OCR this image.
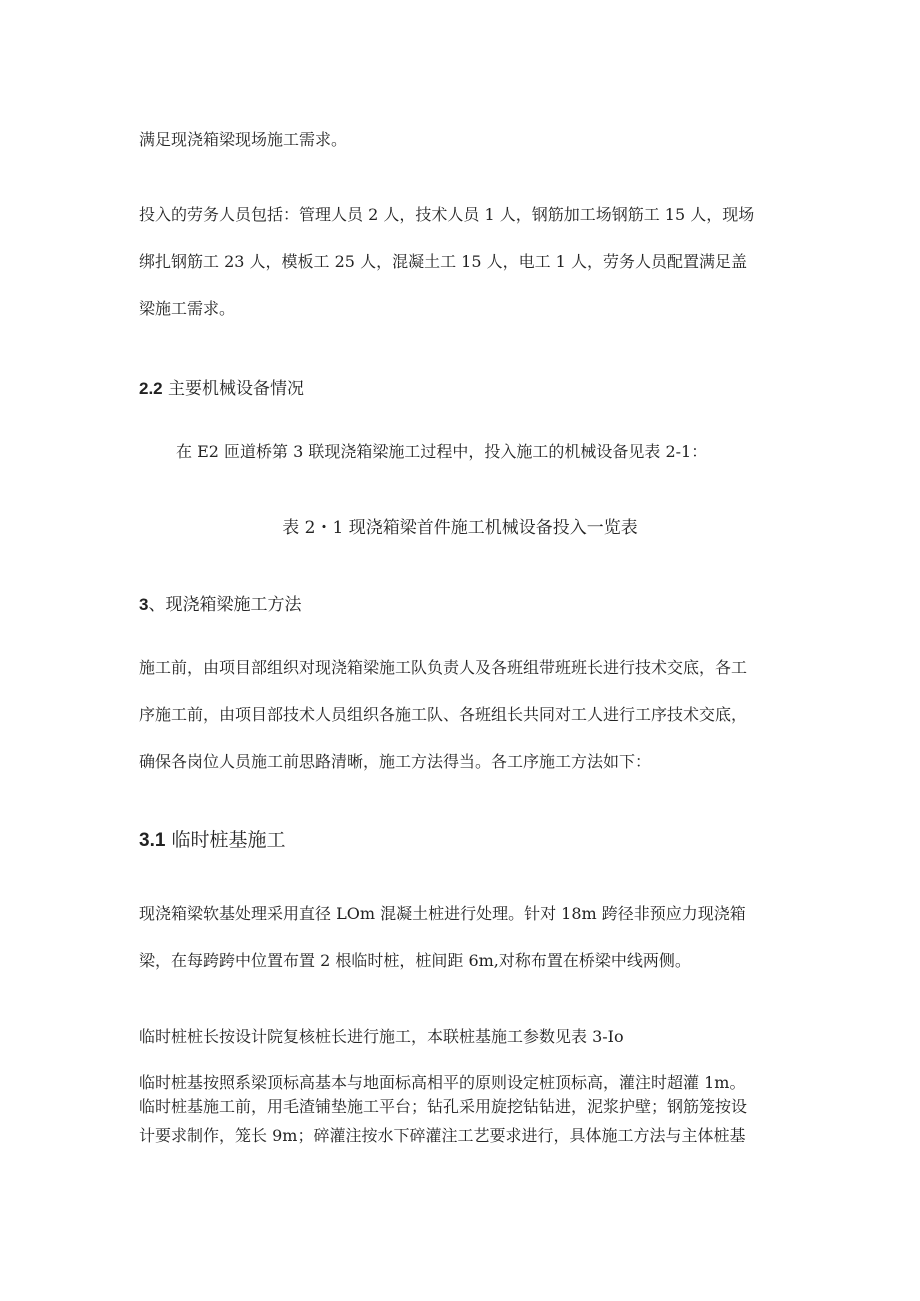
满足现浇箱梁现场施工需求。
投入的劳务人员包括：管理人员 2 人，技术人员 1 人，钢筋加工场钢筋工 15 人，现场
绑扎钢筋工 23 人，模板工 25 人，混凝土工 15 人，电工 1 人，劳务人员配置满足盖
梁施工需求。
2.2 主要机械设备情况
在 E2 匝道桥第 3 联现浇箱梁施工过程中，投入施工的机械设备见表 2-1：
表 2・1 现浇箱梁首件施工机械设备投入一览表
3、现浇箱梁施工方法
施工前，由项目部组织对现浇箱梁施工队负责人及各班组带班班长进行技术交底，各工
序施工前，由项目部技术人员组织各施工队、各班组长共同对工人进行工序技术交底，
确保各岗位人员施工前思路清晰，施工方法得当。各工序施工方法如下：
3.1 临时桩基施工
现浇箱梁软基处理采用直径 LOm 混凝土桩进行处理。针对 18m 跨径非预应力现浇箱
梁，在每跨跨中位置布置 2 根临时桩，桩间距 6m,对称布置在桥梁中线两侧。
临时桩桩长按设计院复核桩长进行施工，本联桩基施工参数见表 3-Io
临时桩基按照系梁顶标高基本与地面标高相平的原则设定桩顶标高，灌注时超灌 1m。
临时桩基施工前，用毛渣铺垫施工平台；钻孔采用旋挖钻钻进，泥浆护壁；钢筋笼按设
计要求制作，笼长 9m；碎灌注按水下碎灌注工艺要求进行，具体施工方法与主体桩基
